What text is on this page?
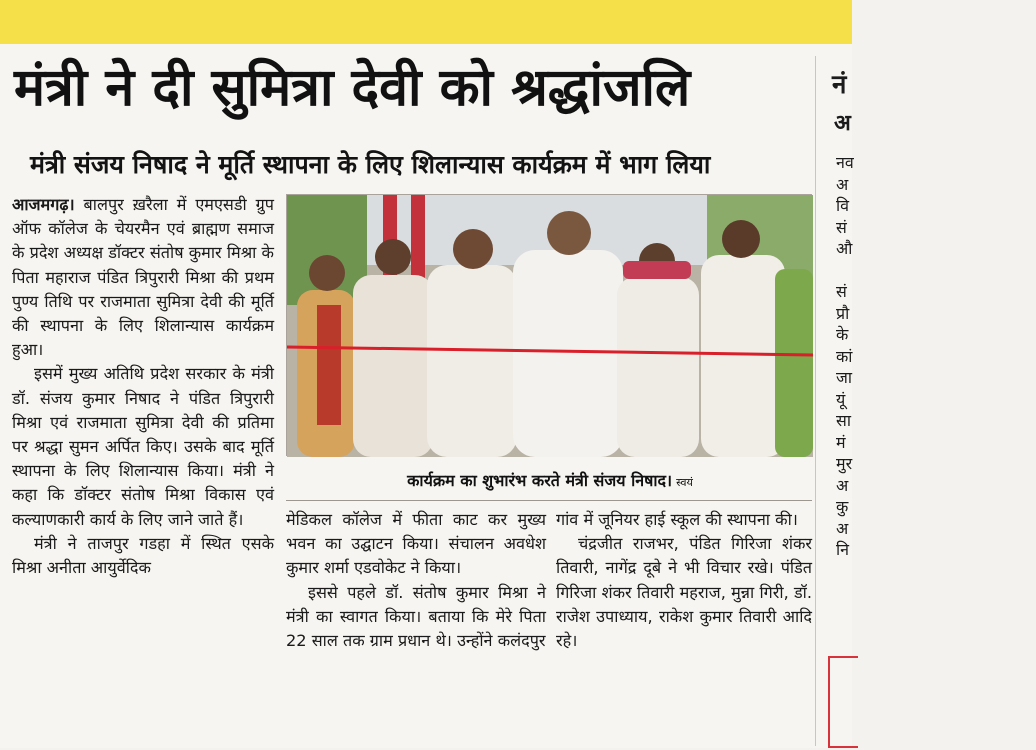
मंत्री ने दी सुमित्रा देवी को श्रद्धांजलि
मंत्री संजय निषाद ने मूर्ति स्थापना के लिए शिलान्यास कार्यक्रम में भाग लिया

आजमगढ़। बालपुर ख़रैला में एमएसडी ग्रुप ऑफ कॉलेज के चेयरमैन एवं ब्राह्मण समाज के प्रदेश अध्यक्ष डॉक्टर संतोष कुमार मिश्रा के पिता महाराज पंडित त्रिपुरारी मिश्रा की प्रथम पुण्य तिथि पर राजमाता सुमित्रा देवी की मूर्ति की स्थापना के लिए शिलान्यास कार्यक्रम हुआ।

इसमें मुख्य अतिथि प्रदेश सरकार के मंत्री डॉ. संजय कुमार निषाद ने पंडित त्रिपुरारी मिश्रा एवं राजमाता सुमित्रा देवी की प्रतिमा पर श्रद्धा सुमन अर्पित किए। उसके बाद मूर्ति स्थापना के लिए शिलान्यास किया। मंत्री ने कहा कि डॉक्टर संतोष मिश्रा विकास एवं कल्याणकारी कार्य के लिए जाने जाते हैं।

मंत्री ने ताजपुर गडहा में स्थित एसके मिश्रा अनीता आयुर्वेदिक

कार्यक्रम का शुभारंभ करते मंत्री संजय निषाद। स्वयं

मेडिकल कॉलेज में फीता काट कर मुख्य भवन का उद्घाटन किया। संचालन अवधेश कुमार शर्मा एडवोकेट ने किया।

इससे पहले डॉ. संतोष कुमार मिश्रा ने मंत्री का स्वागत किया। बताया कि मेरे पिता 22 साल तक ग्राम प्रधान थे। उन्होंने कलंदपुर

गांव में जूनियर हाई स्कूल की स्थापना की।

चंद्रजीत राजभर, पंडित गिरिजा शंकर तिवारी, नागेंद्र दूबे ने भी विचार रखे। पंडित गिरिजा शंकर तिवारी महराज, मुन्ना गिरी, डॉ. राजेश उपाध्याय, राकेश कुमार तिवारी आदि रहे।

नं
अ
नव
अ
वि
सं
औ

सं
प्रौ
के
कां
जा
यूं
सा
मं
मुर
अ
कु
अ
नि
